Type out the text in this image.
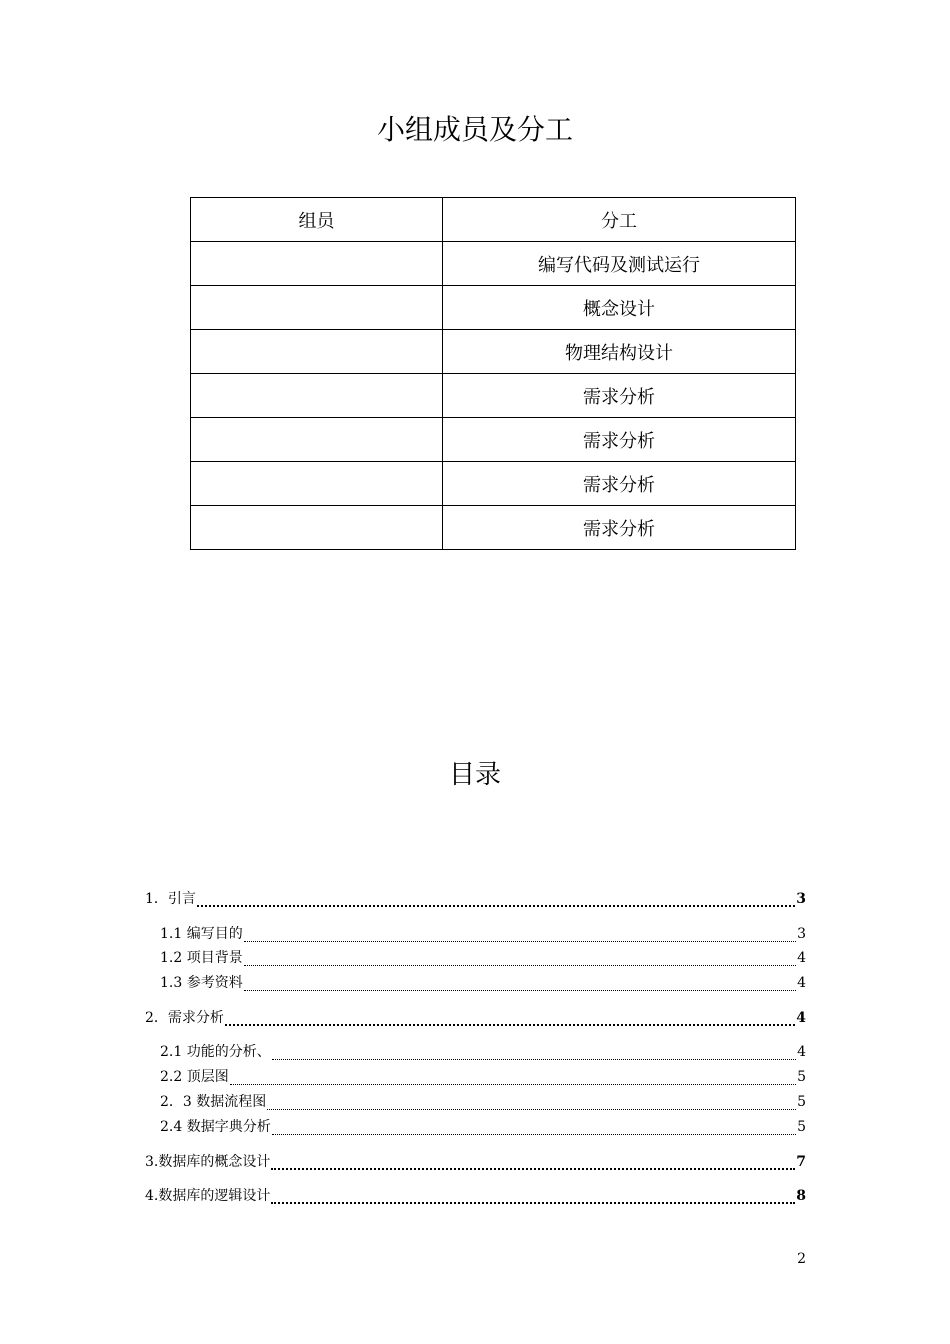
小组成员及分工
组员	分工
	编写代码及测试运行
	概念设计
	物理结构设计
	需求分析
	需求分析
	需求分析
	需求分析
目录
1．引言	3
1.1 编写目的	3
1.2 项目背景	4
1.3 参考资料	4
2．需求分析	4
2.1 功能的分析、	4
2.2 顶层图	5
2．3 数据流程图	5
2.4 数据字典分析	5
3.数据库的概念设计	7
4.数据库的逻辑设计	8
2
